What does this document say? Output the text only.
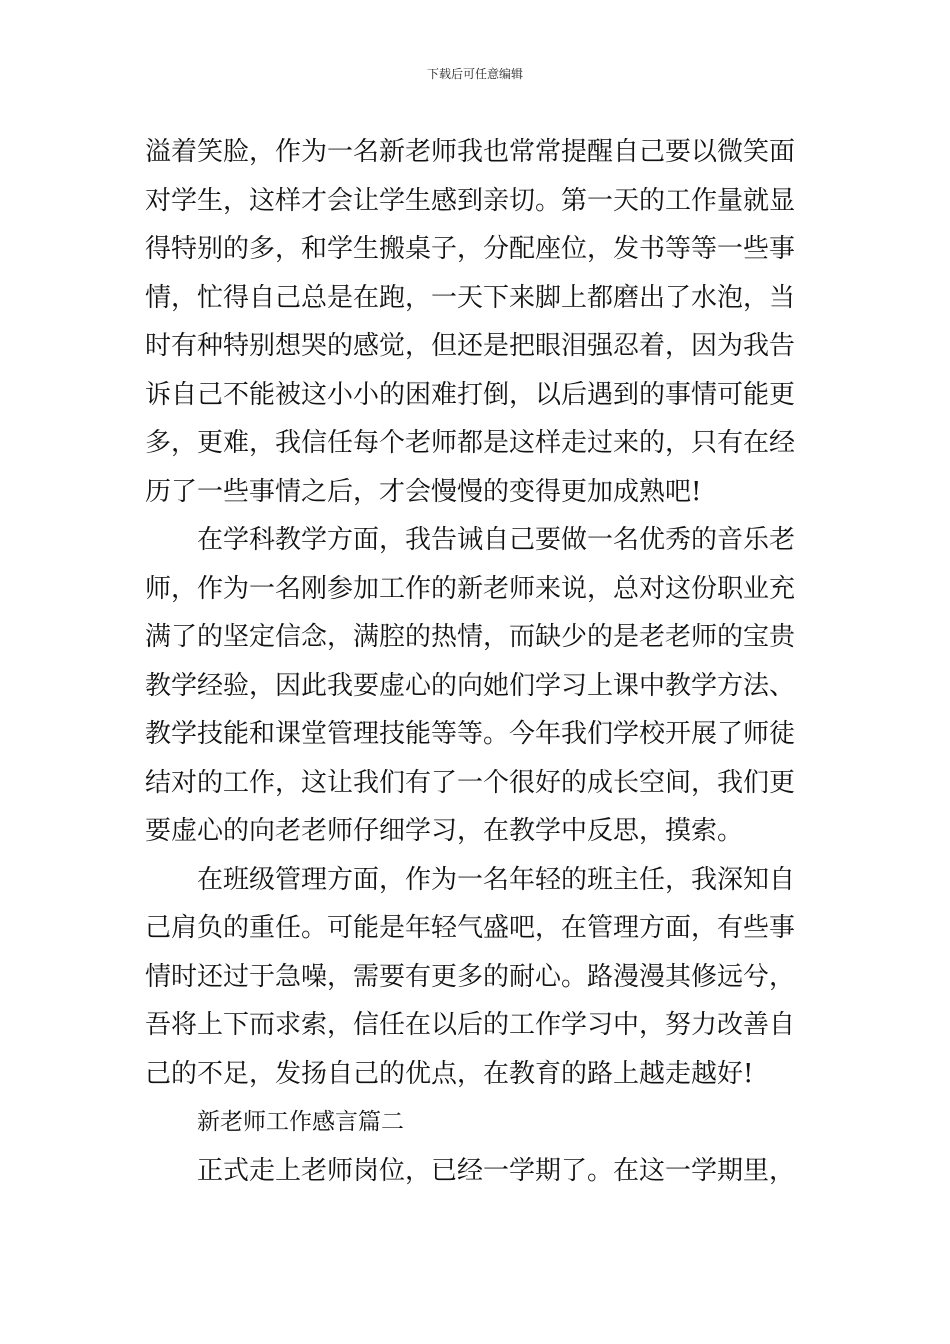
下载后可任意编辑
溢着笑脸，作为一名新老师我也常常提醒自己要以微笑面
对学生，这样才会让学生感到亲切。第一天的工作量就显
得特别的多，和学生搬桌子，分配座位，发书等等一些事
情，忙得自己总是在跑，一天下来脚上都磨出了水泡，当
时有种特别想哭的感觉，但还是把眼泪强忍着，因为我告
诉自己不能被这小小的困难打倒，以后遇到的事情可能更
多，更难，我信任每个老师都是这样走过来的，只有在经
历了一些事情之后，才会慢慢的变得更加成熟吧!
在学科教学方面，我告诫自己要做一名优秀的音乐老
师，作为一名刚参加工作的新老师来说，总对这份职业充
满了的坚定信念，满腔的热情，而缺少的是老老师的宝贵
教学经验，因此我要虚心的向她们学习上课中教学方法、
教学技能和课堂管理技能等等。今年我们学校开展了师徒
结对的工作，这让我们有了一个很好的成长空间，我们更
要虚心的向老老师仔细学习，在教学中反思，摸索。
在班级管理方面，作为一名年轻的班主任，我深知自
己肩负的重任。可能是年轻气盛吧，在管理方面，有些事
情时还过于急噪，需要有更多的耐心。路漫漫其修远兮，
吾将上下而求索，信任在以后的工作学习中，努力改善自
己的不足，发扬自己的优点，在教育的路上越走越好!
新老师工作感言篇二
正式走上老师岗位，已经一学期了。在这一学期里，
